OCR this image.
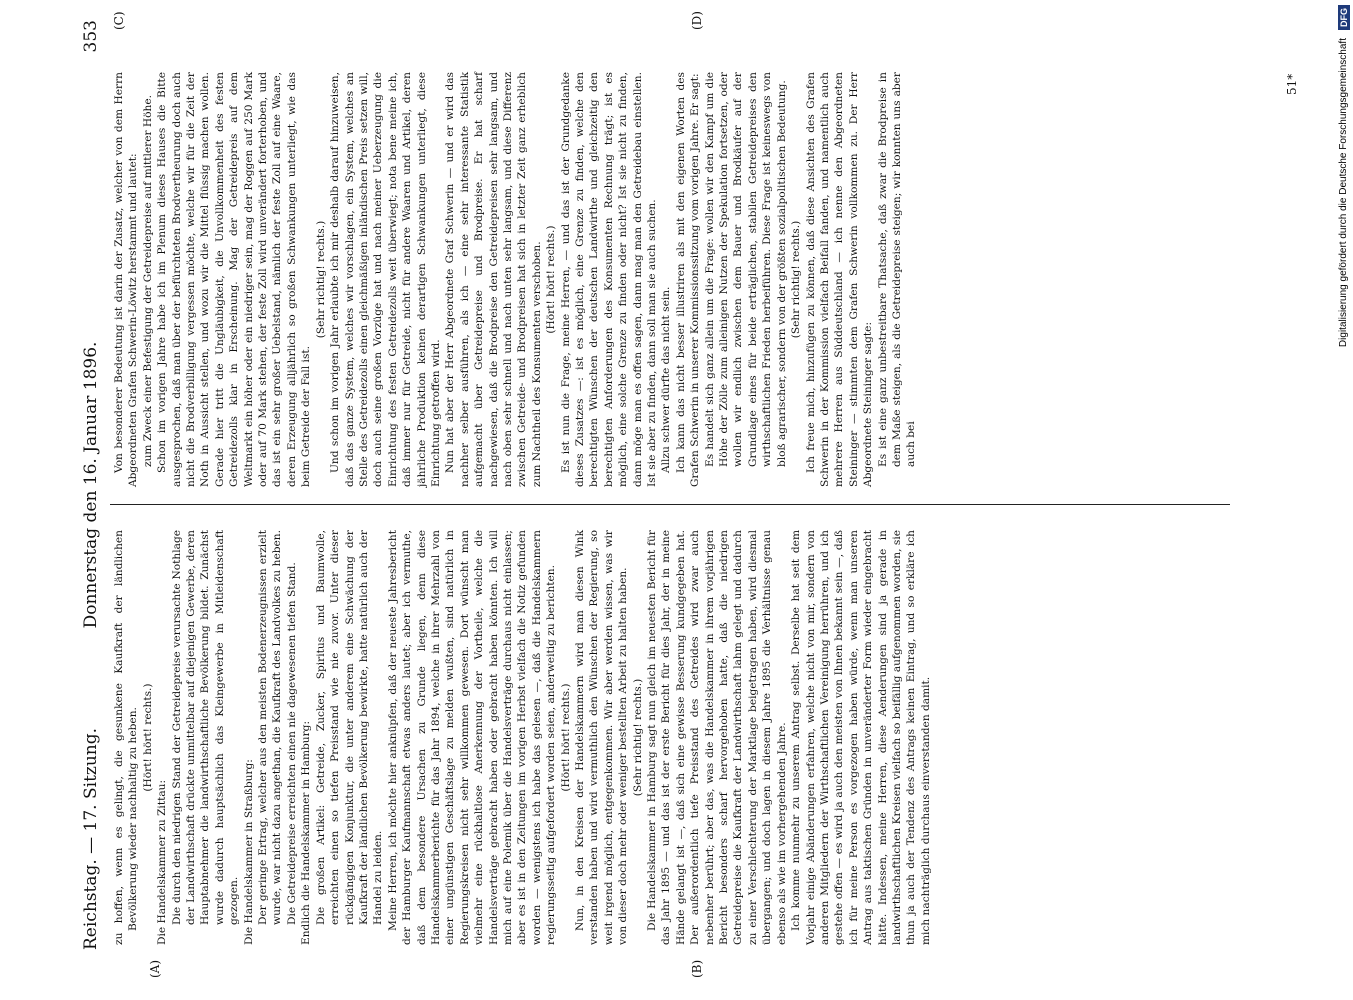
Reichstag. — 17. Sitzung.
Donnerstag den 16. Januar 1896.
353
(A)	(B)
(C)	(D)

zu hoffen, wenn es gelingt, die gesunkene Kaufkraft der ländlichen Bevölkerung wieder nachhaltig zu heben. (Hört! hört! rechts.)

Die Handelskammer zu Zittau: Die durch den niedrigen Stand der Getreidepreise verursachte Nothlage der Landwirthschaft drückte unmittelbar auf diejenigen Gewerbe, deren Hauptabnehmer die landwirthschaftliche Bevölkerung bildet. Zunächst wurde dadurch hauptsächlich das Kleingewerbe in Mitleidenschaft gezogen. Die Handelskammer in Straßburg: Der geringe Ertrag, welcher aus den meisten Bodenerzeugnissen erzielt wurde, war nicht dazu angethan, die Kaufkraft des Landvolkes zu heben. Die Getreidepreise erreichten einen nie dagewesenen tiefen Stand. Endlich die Handelskammer in Hamburg: Die großen Artikel: Getreide, Zucker, Spiritus und Baumwolle, erreichten einen so tiefen Preisstand wie nie zuvor. Unter dieser rückgängigen Konjunktur, die unter anderem eine Schwächung der Kaufkraft der ländlichen Bevölkerung bewirkte, hatte natürlich auch der Handel zu leiden. Meine Herren, ich möchte hier anknüpfen, daß der neueste Jahresbericht der Hamburger Kaufmannschaft etwas anders lautet; aber ich vermuthe, daß dem besondere Ursachen zu Grunde liegen, denn diese Handelskammerberichte für das Jahr 1894, welche in ihrer Mehrzahl von einer ungünstigen Geschäftslage zu melden wußten, sind natürlich in Regierungskreisen nicht sehr willkommen gewesen. Dort wünscht man vielmehr eine rückhaltlose Anerkennung der Vortheile, welche die Handelsverträge gebracht haben oder gebracht haben könnten. Ich will mich auf eine Polemik über die Handelsverträge durchaus nicht einlassen; aber es ist in den Zeitungen im vorigen Herbst vielfach die Notiz gefunden worden — wenigstens ich habe das gelesen —, daß die Handelskammern regierungsseitig aufgefordert worden seien, anderweitig zu berichten. (Hört! hört! rechts.) Nun, in den Kreisen der Handelskammern wird man diesen Wink verstanden haben und wird vermuthlich den Wünschen der Regierung, so weit irgend möglich, entgegenkommen. Wir aber werden wissen, was wir von dieser doch mehr oder weniger bestellten Arbeit zu halten haben. (Sehr richtig! rechts.) Die Handelskammer in Hamburg sagt nun gleich im neuesten Bericht für das Jahr 1895 — und das ist der erste Bericht für dies Jahr, der in meine Hände gelangt ist —, daß sich eine gewisse Besserung kundgegeben hat. Der außerordentlich tiefe Preisstand des Getreides wird zwar auch nebenher berührt; aber das, was die Handelskammer in ihrem vorjährigen Bericht besonders scharf hervorgehoben hatte, daß die niedrigen Getreidepreise die Kaufkraft der Landwirthschaft lahm gelegt und dadurch zu einer Verschlechterung der Marktlage beigetragen haben, wird diesmal übergangen; und doch lagen in diesem Jahre 1895 die Verhältnisse genau ebenso als wie im vorhergehenden Jahre. Ich komme nunmehr zu unserem Antrag selbst. Derselbe hat seit dem Vorjahr einige Abänderungen erfahren, welche nicht von mir, sondern von anderen Mitgliedern der Wirthschaftlichen Vereinigung herrühren, und ich gestehe offen — es wird ja auch den meisten von Ihnen bekannt sein —, daß ich für meine Person es vorgezogen haben würde, wenn man unseren Antrag aus taktischen Gründen in unveränderter Form wieder eingebracht hätte. Indessen, meine Herren, diese Aenderungen sind ja gerade in landwirthschaftlichen Kreisen vielfach so beifällig aufgenommen worden, sie thun ja auch der Tendenz des Antrags keinen Eintrag, und so erkläre ich mich nachträglich durchaus einverstanden damit.

Von besonderer Bedeutung ist darin der Zusatz, welcher von dem Herrn Abgeordneten Grafen Schwerin-Löwitz herstammt und lautet: zum Zweck einer Befestigung der Getreidepreise auf mittlerer Höhe. Schon im vorigen Jahre habe ich im Plenum dieses Hauses die Bitte ausgesprochen, daß man über der befürchteten Brodvertheurung doch auch nicht die Brodverbilligung vergessen möchte, welche wir für die Zeit der Noth in Aussicht stellen, und wozu wir die Mittel flüssig machen wollen. Gerade hier tritt die Ungläubigkeit, die Unvollkommenheit des festen Getreidezolls klar in Erscheinung. Mag der Getreidepreis auf dem Weltmarkt ein höher oder ein niedriger sein, mag der Roggen auf 250 Mark oder auf 70 Mark stehen, der feste Zoll wird unverändert forterhoben, und das ist ein sehr großer Uebelstand, nämlich der feste Zoll auf eine Waare, deren Erzeugung alljährlich so großen Schwankungen unterliegt, wie das beim Getreide der Fall ist.

(Sehr richtig! rechts.) Und schon im vorigen Jahr erlaubte ich mir deshalb darauf hinzuweisen, daß das ganze System, welches wir vorschlagen, ein System, welches an Stelle des Getreidezolls einen gleichmäßigen inländischen Preis setzen will, doch auch seine großen Vorzüge hat und nach meiner Ueberzeugung die Einrichtung des festen Getreidezolls weit überwiegt; nota bene meine ich, daß immer nur für Getreide, nicht für andere Waaren und Artikel, deren jährliche Produktion keinen derartigen Schwankungen unterliegt, diese Einrichtung getroffen wird. Nun hat aber der Herr Abgeordnete Graf Schwerin — und er wird das nachher selber ausführen, als ich — eine sehr interessante Statistik aufgemacht über Getreidepreise und Brodpreise. Er hat scharf nachgewiesen, daß die Brodpreise den Getreidepreisen sehr langsam, und nach oben sehr schnell und nach unten sehr langsam, und diese Differenz zwischen Getreide- und Brodpreisen hat sich in letzter Zeit ganz erheblich zum Nachtheil des Konsumenten verschoben. (Hört! hört! rechts.) Es ist nun die Frage, meine Herren, — und das ist der Grundgedanke dieses Zusatzes —: ist es möglich, eine Grenze zu finden, welche den berechtigten Wünschen der deutschen Landwirthe und gleichzeitig den berechtigten Anforderungen des Konsumenten Rechnung trägt; ist es möglich, eine solche Grenze zu finden oder nicht? Ist sie nicht zu finden, dann möge man es offen sagen, dann mag man den Getreidebau einstellen. Ist sie aber zu finden, dann soll man sie auch suchen. Allzu schwer dürfte das nicht sein. Ich kann das nicht besser illustriren als mit den eigenen Worten des Grafen Schwerin in unserer Kommissionssitzung vom vorigen Jahre. Er sagt: Es handelt sich ganz allein um die Frage: wollen wir den Kampf um die Höhe der Zölle zum alleinigen Nutzen der Spekulation fortsetzen, oder wollen wir endlich zwischen dem Bauer und Brodkäufer auf der Grundlage eines für beide erträglichen, stabilen Getreidepreises den wirthschaftlichen Frieden herbeiführen. Diese Frage ist keineswegs von bloß agrarischer, sondern von der größten sozialpolitischen Bedeutung. (Sehr richtig! rechts.) Ich freue mich, hinzufügen zu können, daß diese Ansichten des Grafen Schwerin in der Kommission vielfach Beifall fanden, und namentlich auch mehrere Herren aus Süddeutschland — ich nenne den Abgeordneten Steininger — stimmten dem Grafen Schwerin vollkommen zu. Der Herr Abgeordnete Steininger sagte: Es ist eine ganz unbestreitbare Thatsache, daß zwar die Brodpreise in dem Maße steigen, als die Getreidepreise steigen; wir konnten uns aber auch bei

51*	Digitalisierung gefördert durch die Deutsche Forschungsgemeinschaft
DFG
